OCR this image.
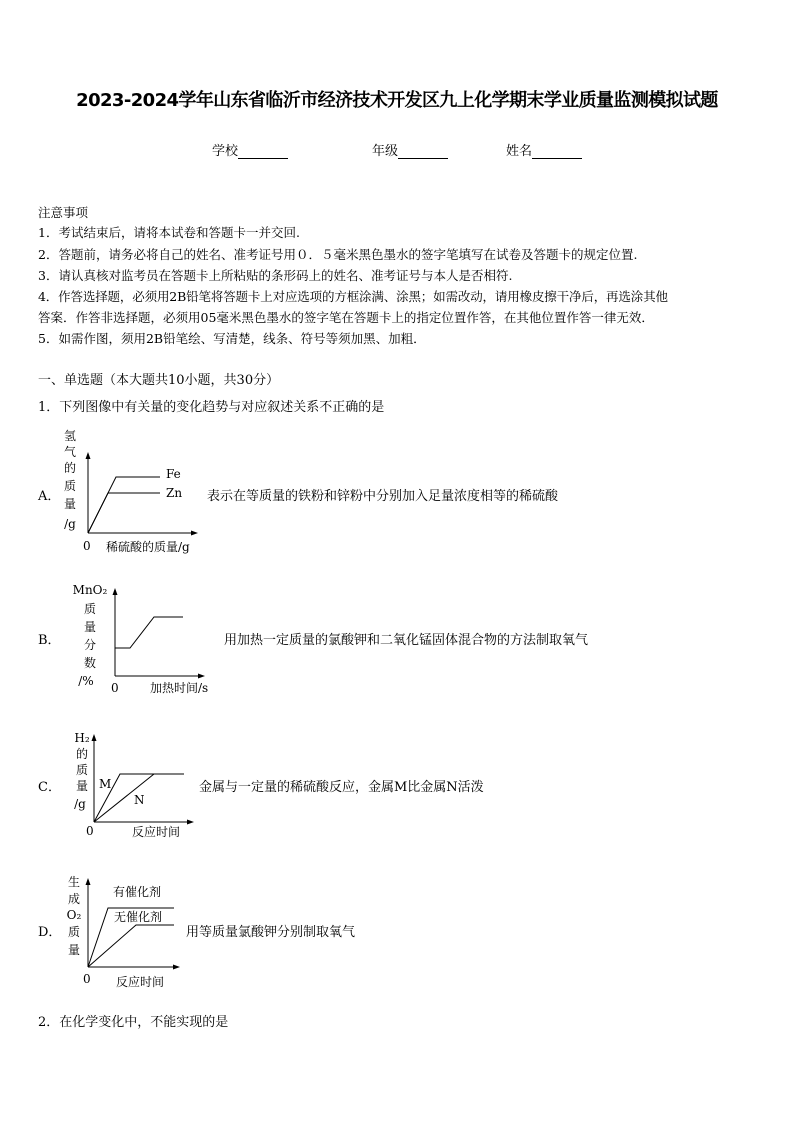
2023-2024学年山东省临沂市经济技术开发区九上化学期末学业质量监测模拟试题
学校	年级	姓名
注意事项
1．考试结束后，请将本试卷和答题卡一并交回.
2．答题前，请务必将自己的姓名、准考证号用０．５毫米黑色墨水的签字笔填写在试卷及答题卡的规定位置.
3．请认真核对监考员在答题卡上所粘贴的条形码上的姓名、准考证号与本人是否相符.
4．作答选择题，必须用2B铅笔将答题卡上对应选项的方框涂满、涂黑；如需改动，请用橡皮擦干净后，再选涂其他
答案．作答非选择题，必须用05毫米黑色墨水的签字笔在答题卡上的指定位置作答，在其他位置作答一律无效．
5．如需作图，须用2B铅笔绘、写清楚，线条、符号等须加黑、加粗．
一、单选题（本大题共10小题，共30分）
1．下列图像中有关量的变化趋势与对应叙述关系不正确的是
A．
氢
气
的
质
量
/g
Fe
Zn
0 稀硫酸的质量/g
表示在等质量的铁粉和锌粉中分别加入足量浓度相等的稀硫酸
B．
MnO₂
质
量
分
数
/% 0	加热时间/s
用加热一定质量的氯酸钾和二氧化锰固体混合物的方法制取氧气
C．
H₂
的
质
量
/g
M
N
0	反应时间
金属与一定量的稀硫酸反应，金属M比金属N活泼
D．
生
成
O₂
质
量
有催化剂
无催化剂
0 反应时间
用等质量氯酸钾分别制取氧气
2．在化学变化中，不能实现的是
